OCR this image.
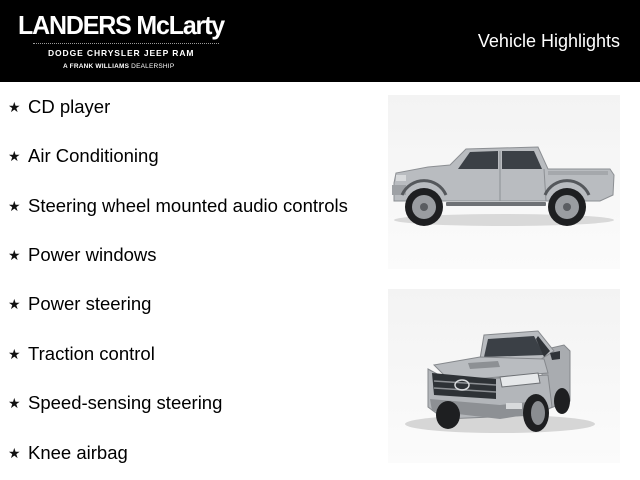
LANDERS McLarty
DODGE CHRYSLER JEEP RAM
A FRANK WILLIAMS DEALERSHIP
Vehicle Highlights
★ CD player
★ Air Conditioning
★ Steering wheel mounted audio controls
★ Power windows
★ Power steering
★ Traction control
★ Speed-sensing steering
★ Knee airbag
